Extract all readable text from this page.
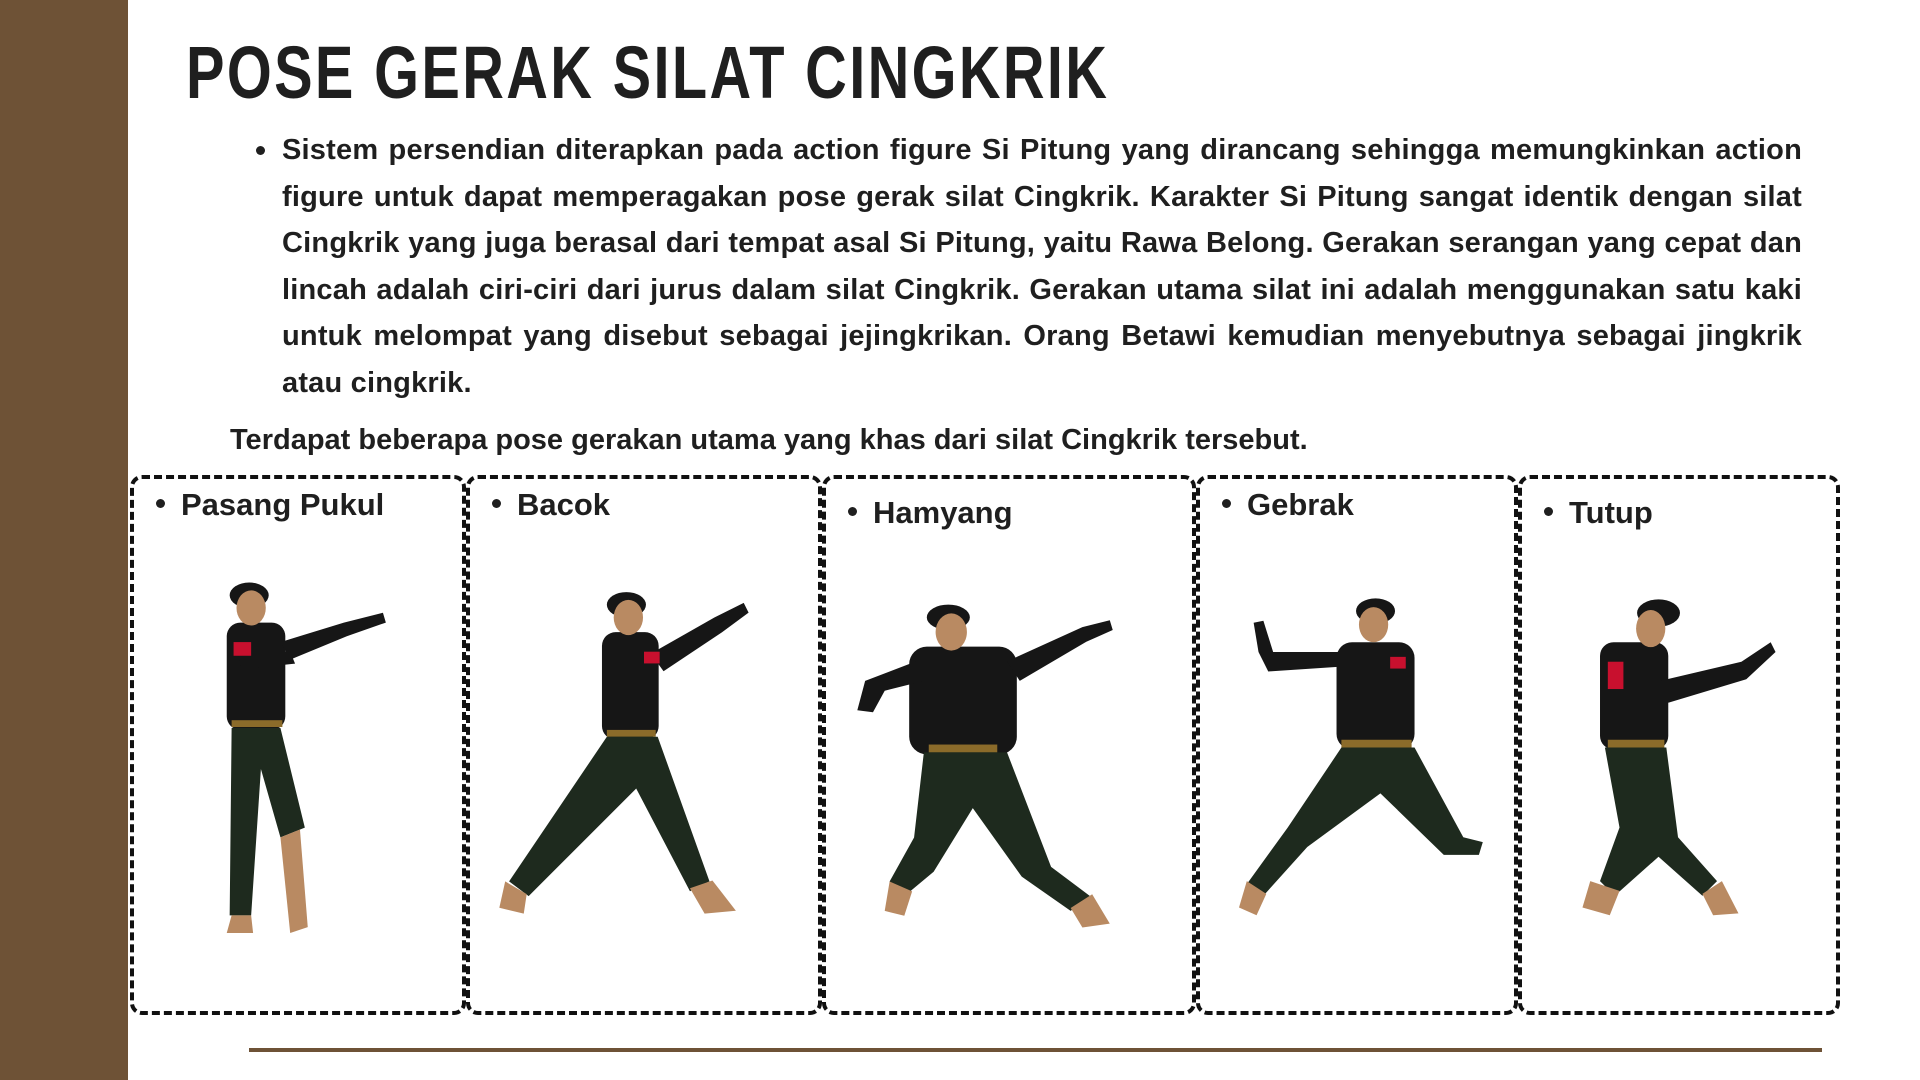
POSE GERAK SILAT CINGKRIK
Sistem persendian diterapkan pada action figure Si Pitung yang dirancang sehingga memungkinkan action figure untuk dapat memperagakan pose gerak silat Cingkrik. Karakter Si Pitung sangat identik dengan silat Cingkrik yang juga berasal dari tempat asal Si Pitung, yaitu Rawa Belong. Gerakan serangan yang cepat dan lincah adalah ciri-ciri dari jurus dalam silat Cingkrik. Gerakan utama silat ini adalah menggunakan satu kaki untuk melompat yang disebut sebagai jejingkrikan. Orang Betawi kemudian menyebutnya sebagai jingkrik atau cingkrik.

Terdapat beberapa pose gerakan utama yang khas dari silat Cingkrik tersebut.

Pasang Pukul	Bacok	Hamyang	Gebrak	Tutup
